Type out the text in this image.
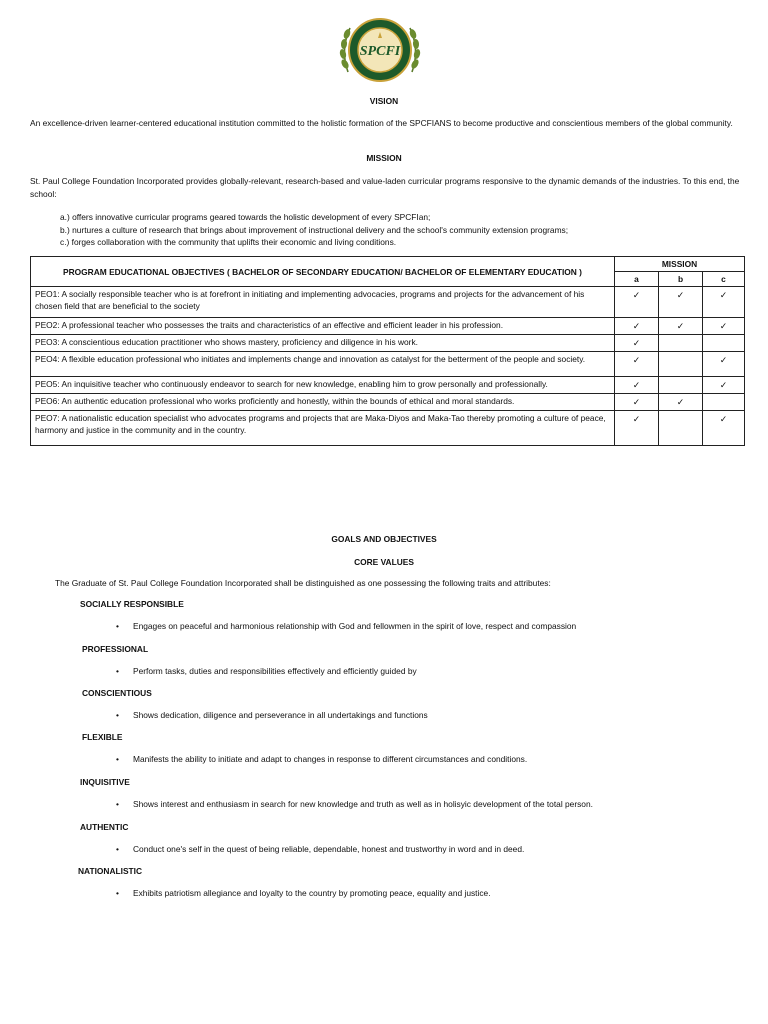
SPCFI
VISION
An excellence-driven learner-centered educational institution committed to the holistic formation of the SPCFIANS to become productive and conscientious members of the global community.
MISSION
St. Paul College Foundation Incorporated provides globally-relevant, research-based and value-laden curricular programs responsive to the dynamic demands of the industries. To this end, the school:
a.) offers innovative curricular programs geared towards the holistic development of every SPCFIan;
b.) nurtures a culture of research that brings about improvement of instructional delivery and the school's community extension programs;
c.) forges collaboration with the community that uplifts their economic and living conditions.
PROGRAM EDUCATIONAL OBJECTIVES ( BACHELOR OF SECONDARY EDUCATION/ BACHELOR OF ELEMENTARY EDUCATION )	MISSION		
	a	b	c
PEO1: A socially responsible teacher who is at forefront in initiating and implementing advocacies, programs and projects for the advancement of his chosen field that are beneficial to the society	✓	✓	✓
PEO2: A professional teacher who possesses the traits and characteristics of an effective and efficient leader in his profession.	✓	✓	✓
PEO3: A conscientious education practitioner who shows mastery, proficiency and diligence in his work.	✓		
PEO4: A flexible education professional who initiates and implements change and innovation as catalyst for the betterment of the people and society.	✓		✓
PEO5: An inquisitive teacher who continuously endeavor to search for new knowledge, enabling him to grow personally and professionally.	✓		✓
PEO6: An authentic education professional who works proficiently and honestly, within the bounds of ethical and moral standards.	✓	✓	
PEO7: A nationalistic education specialist who advocates programs and projects that are Maka-Diyos and Maka-Tao thereby promoting a culture of peace, harmony and justice in the community and in the country.	✓		✓
GOALS AND OBJECTIVES
CORE VALUES
The Graduate of St. Paul College Foundation Incorporated shall be distinguished as one possessing the following traits and attributes:
SOCIALLY RESPONSIBLE
• Engages on peaceful and harmonious relationship with God and fellowmen in the spirit of love, respect and compassion
PROFESSIONAL
• Perform tasks, duties and responsibilities effectively and efficiently guided by
CONSCIENTIOUS
• Shows dedication, diligence and perseverance in all undertakings and functions
FLEXIBLE
• Manifests the ability to initiate and adapt to changes in response to different circumstances and conditions.
INQUISITIVE
• Shows interest and enthusiasm in search for new knowledge and truth as well as in holisyic development of the total person.
AUTHENTIC
• Conduct one's self in the quest of being reliable, dependable, honest and trustworthy in word and in deed.
NATIONALISTIC
• Exhibits patriotism allegiance and loyalty to the country by promoting peace, equality and justice.
